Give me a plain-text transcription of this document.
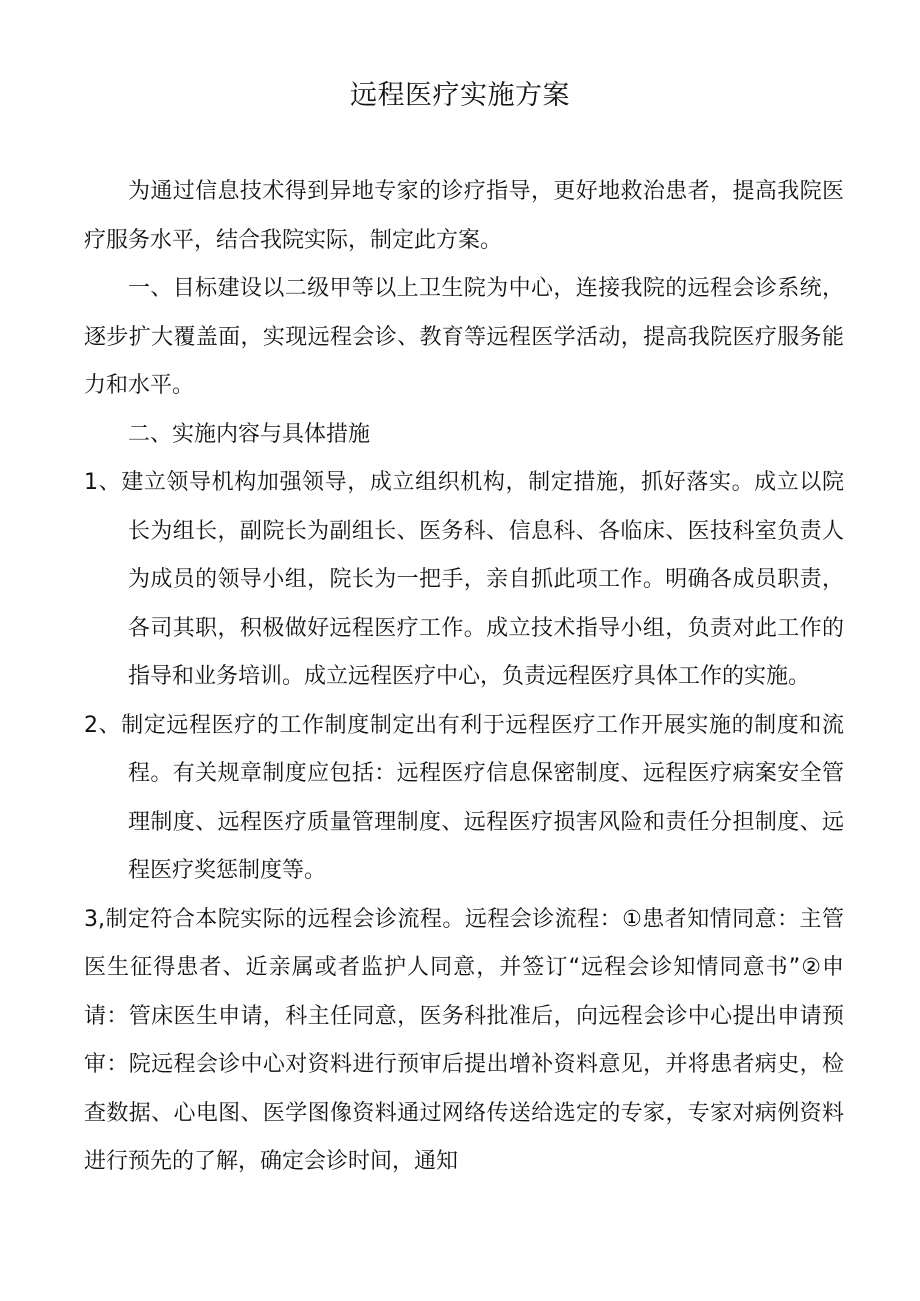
远程医疗实施方案

为通过信息技术得到异地专家的诊疗指导，更好地救治患者，提高我院医疗服务水平，结合我院实际，制定此方案。

一、目标建设以二级甲等以上卫生院为中心，连接我院的远程会诊系统，逐步扩大覆盖面，实现远程会诊、教育等远程医学活动，提高我院医疗服务能力和水平。

二、实施内容与具体措施

1、建立领导机构加强领导，成立组织机构，制定措施，抓好落实。成立以院长为组长，副院长为副组长、医务科、信息科、各临床、医技科室负责人为成员的领导小组，院长为一把手，亲自抓此项工作。明确各成员职责，各司其职，积极做好远程医疗工作。成立技术指导小组，负责对此工作的指导和业务培训。成立远程医疗中心，负责远程医疗具体工作的实施。

2、制定远程医疗的工作制度制定出有利于远程医疗工作开展实施的制度和流程。有关规章制度应包括：远程医疗信息保密制度、远程医疗病案安全管理制度、远程医疗质量管理制度、远程医疗损害风险和责任分担制度、远程医疗奖惩制度等。

3,制定符合本院实际的远程会诊流程。远程会诊流程：①患者知情同意：主管医生征得患者、近亲属或者监护人同意，并签订“远程会诊知情同意书”②申请：管床医生申请，科主任同意，医务科批准后，向远程会诊中心提出申请预审：院远程会诊中心对资料进行预审后提出增补资料意见，并将患者病史，检查数据、心电图、医学图像资料通过网络传送给选定的专家，专家对病例资料进行预先的了解，确定会诊时间，通知
